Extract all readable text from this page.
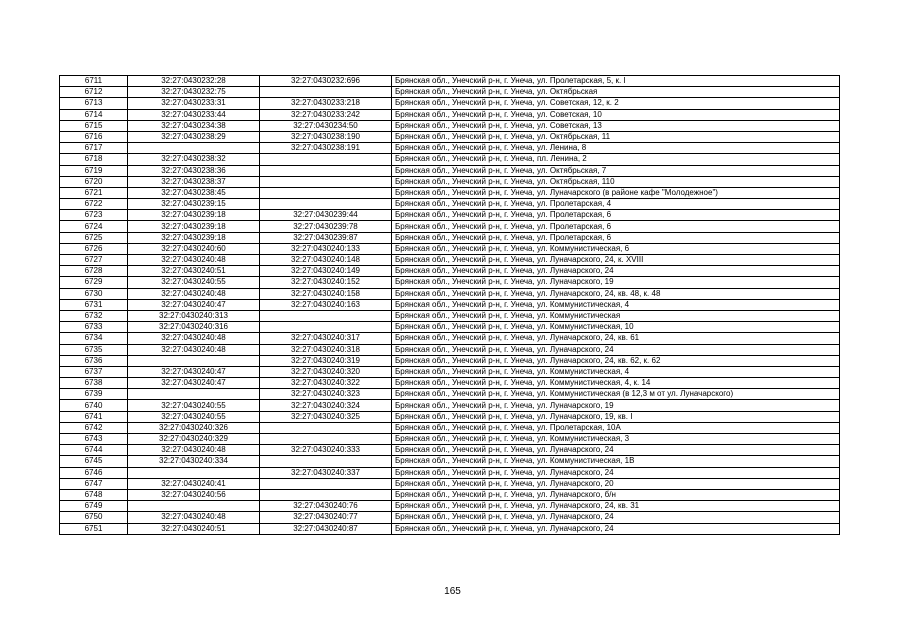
6711	32:27:0430232:28	32:27:0430232:696	Брянская обл., Унечский р-н, г. Унеча, ул. Пролетарская, 5, к. I
6712	32:27:0430232:75		Брянская обл., Унечский р-н, г. Унеча, ул. Октябрьская
6713	32:27:0430233:31	32:27:0430233:218	Брянская обл., Унечский р-н, г. Унеча, ул. Советская, 12, к. 2
6714	32:27:0430233:44	32:27:0430233:242	Брянская обл., Унечский р-н, г. Унеча, ул. Советская, 10
6715	32:27:0430234:38	32:27:0430234:50	Брянская обл., Унечский р-н, г. Унеча, ул. Советская, 13
6716	32:27:0430238:29	32:27:0430238:190	Брянская обл., Унечский р-н, г. Унеча, ул. Октябрьская, 11
6717		32:27:0430238:191	Брянская обл., Унечский р-н, г. Унеча, ул. Ленина, 8
6718	32:27:0430238:32		Брянская обл., Унечский р-н, г. Унеча, пл. Ленина, 2
6719	32:27:0430238:36		Брянская обл., Унечский р-н, г. Унеча, ул. Октябрьская, 7
6720	32:27:0430238:37		Брянская обл., Унечский р-н, г. Унеча, ул. Октябрьская, 110
6721	32:27:0430238:45		Брянская обл., Унечский р-н, г. Унеча, ул. Луначарского (в районе кафе "Молодежное")
6722	32:27:0430239:15		Брянская обл., Унечский р-н, г. Унеча, ул. Пролетарская, 4
6723	32:27:0430239:18	32:27:0430239:44	Брянская обл., Унечский р-н, г. Унеча, ул. Пролетарская, 6
6724	32:27:0430239:18	32:27:0430239:78	Брянская обл., Унечский р-н, г. Унеча, ул. Пролетарская, 6
6725	32:27:0430239:18	32:27:0430239:87	Брянская обл., Унечский р-н, г. Унеча, ул. Пролетарская, 6
6726	32:27:0430240:60	32:27:0430240:133	Брянская обл., Унечский р-н, г. Унеча, ул. Коммунистическая, 6
6727	32:27:0430240:48	32:27:0430240:148	Брянская обл., Унечский р-н, г. Унеча, ул. Луначарского, 24, к. XVIII
6728	32:27:0430240:51	32:27:0430240:149	Брянская обл., Унечский р-н, г. Унеча, ул. Луначарского, 24
6729	32:27:0430240:55	32:27:0430240:152	Брянская обл., Унечский р-н, г. Унеча, ул. Луначарского, 19
6730	32:27:0430240:48	32:27:0430240:158	Брянская обл., Унечский р-н, г. Унеча, ул. Луначарского, 24, кв. 48, к. 48
6731	32:27:0430240:47	32:27:0430240:163	Брянская обл., Унечский р-н, г. Унеча, ул. Коммунистическая, 4
6732	32:27:0430240:313		Брянская обл., Унечский р-н, г. Унеча, ул. Коммунистическая
6733	32:27:0430240:316		Брянская обл., Унечский р-н, г. Унеча, ул. Коммунистическая, 10
6734	32:27:0430240:48	32:27:0430240:317	Брянская обл., Унечский р-н, г. Унеча, ул. Луначарского, 24, кв. 61
6735	32:27:0430240:48	32:27:0430240:318	Брянская обл., Унечский р-н, г. Унеча, ул. Луначарского, 24
6736		32:27:0430240:319	Брянская обл., Унечский р-н, г. Унеча, ул. Луначарского, 24, кв. 62, к. 62
6737	32:27:0430240:47	32:27:0430240:320	Брянская обл., Унечский р-н, г. Унеча, ул. Коммунистическая, 4
6738	32:27:0430240:47	32:27:0430240:322	Брянская обл., Унечский р-н, г. Унеча, ул. Коммунистическая, 4, к. 14
6739		32:27:0430240:323	Брянская обл., Унечский р-н, г. Унеча, ул. Коммунистическая (в 12,3 м от ул. Луначарского)
6740	32:27:0430240:55	32:27:0430240:324	Брянская обл., Унечский р-н, г. Унеча, ул. Луначарского, 19
6741	32:27:0430240:55	32:27:0430240:325	Брянская обл., Унечский р-н, г. Унеча, ул. Луначарского, 19, кв. I
6742	32:27:0430240:326		Брянская обл., Унечский р-н, г. Унеча, ул. Пролетарская, 10А
6743	32:27:0430240:329		Брянская обл., Унечский р-н, г. Унеча, ул. Коммунистическая, 3
6744	32:27:0430240:48	32:27:0430240:333	Брянская обл., Унечский р-н, г. Унеча, ул. Луначарского, 24
6745	32:27:0430240:334		Брянская обл., Унечский р-н, г. Унеча, ул. Коммунистическая, 1В
6746		32:27:0430240:337	Брянская обл., Унечский р-н, г. Унеча, ул. Луначарского, 24
6747	32:27:0430240:41		Брянская обл., Унечский р-н, г. Унеча, ул. Луначарского, 20
6748	32:27:0430240:56		Брянская обл., Унечский р-н, г. Унеча, ул. Луначарского, б/н
6749		32:27:0430240:76	Брянская обл., Унечский р-н, г. Унеча, ул. Луначарского, 24, кв. 31
6750	32:27:0430240:48	32:27:0430240:77	Брянская обл., Унечский р-н, г. Унеча, ул. Луначарского, 24
6751	32:27:0430240:51	32:27:0430240:87	Брянская обл., Унечский р-н, г. Унеча, ул. Луначарского, 24
165
